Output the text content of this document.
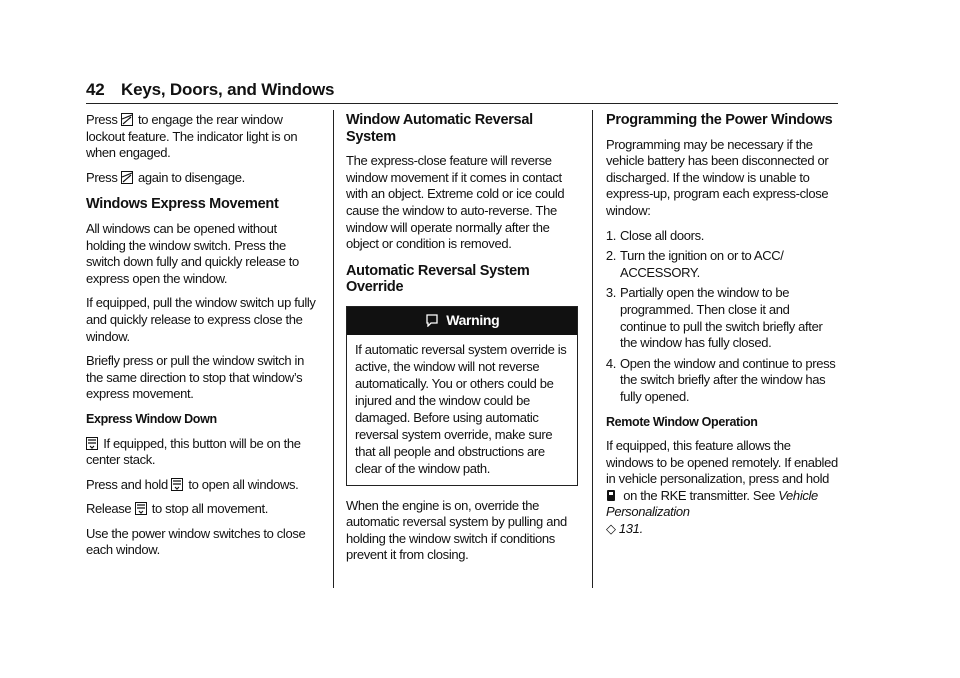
42 Keys, Doors, and Windows

Press to engage the rear window lockout feature. The indicator light is on when engaged.

Press again to disengage.

Windows Express Movement

All windows can be opened without holding the window switch. Press the switch down fully and quickly release to express open the window.

If equipped, pull the window switch up fully and quickly release to express close the window.

Briefly press or pull the window switch in the same direction to stop that window’s express movement.

Express Window Down

If equipped, this button will be on the center stack.

Press and hold to open all windows.

Release to stop all movement.

Use the power window switches to close each window.

Window Automatic Reversal System

The express-close feature will reverse window movement if it comes in contact with an object. Extreme cold or ice could cause the window to auto-reverse. The window will operate normally after the object or condition is removed.

Automatic Reversal System Override
Warning
If automatic reversal system override is active, the window will not reverse automatically. You or others could be injured and the window could be damaged. Before using automatic reversal system override, make sure that all people and obstructions are clear of the window path.

When the engine is on, override the automatic reversal system by pulling and holding the window switch if conditions prevent it from closing.

Programming the Power Windows

Programming may be necessary if the vehicle battery has been disconnected or discharged. If the window is unable to express-up, program each express-close window:

1. Close all doors.
2. Turn the ignition on or to ACC/ ACCESSORY.
3. Partially open the window to be programmed. Then close it and continue to pull the switch briefly after the window has fully closed.
4. Open the window and continue to press the switch briefly after the window has fully opened.
Remote Window Operation

If equipped, this feature allows the windows to be opened remotely. If enabled in vehicle personalization, press and hold
on the RKE transmitter. See Vehicle Personalization
◇ 131.
